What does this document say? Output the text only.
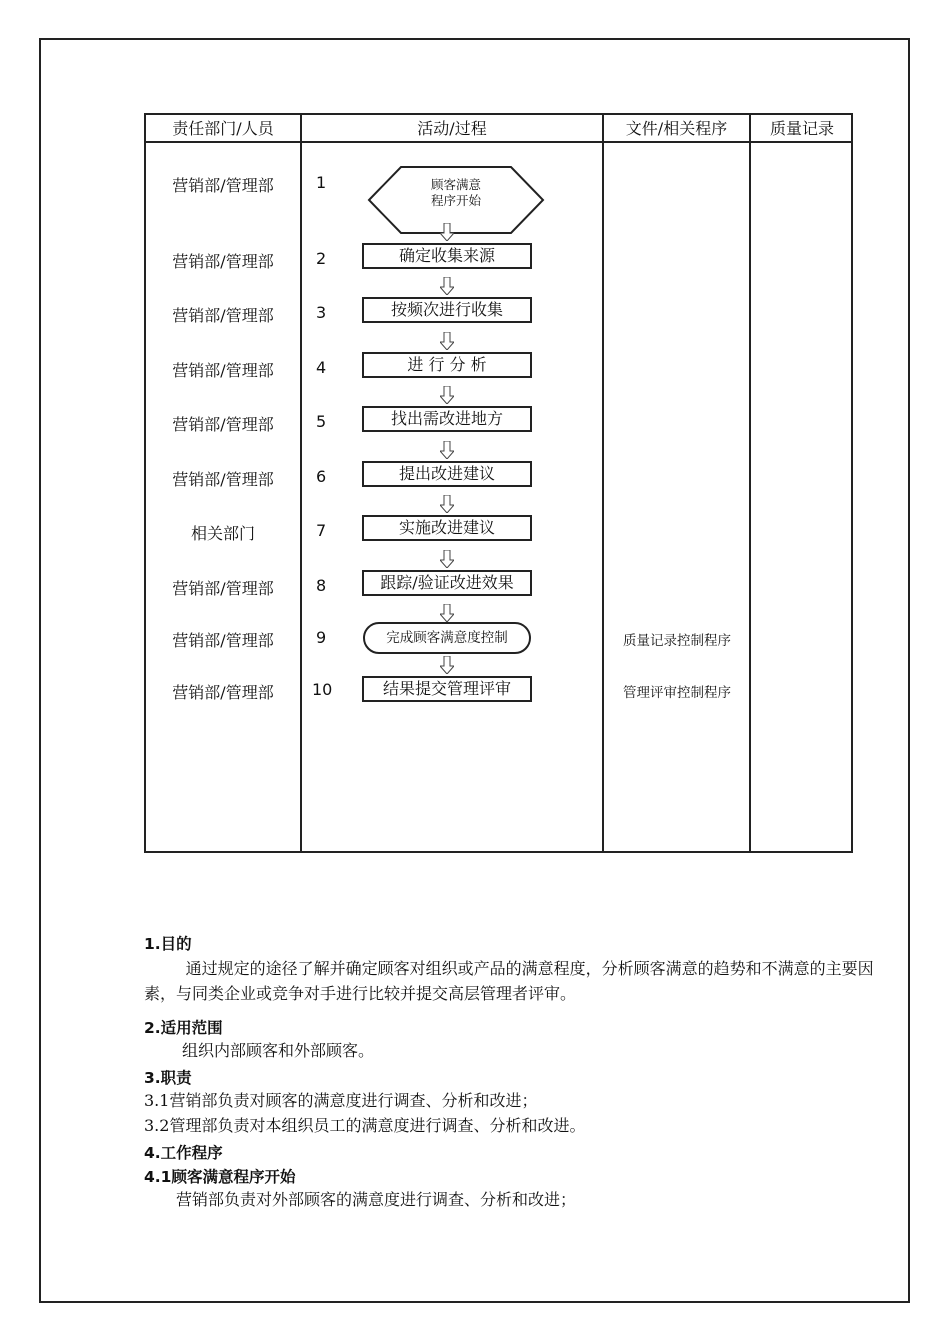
责任部门/人员	活动/过程	文件/相关程序	质量记录
营销部/管理部	1	顾客满意
程序开始
营销部/管理部	2	确定收集来源
营销部/管理部	3	按频次进行收集
营销部/管理部	4	进 行 分 析
营销部/管理部	5	找出需改进地方
营销部/管理部	6	提出改进建议
相关部门	7	实施改进建议
营销部/管理部	8	跟踪/验证改进效果
营销部/管理部	9	完成顾客满意度控制	质量记录控制程序
营销部/管理部	10	结果提交管理评审	管理评审控制程序
1.目的
通过规定的途径了解并确定顾客对组织或产品的满意程度，分析顾客满意的趋势和不满意的主要因素，与同类企业或竞争对手进行比较并提交高层管理者评审。
2.适用范围
组织内部顾客和外部顾客。
3.职责
3.1营销部负责对顾客的满意度进行调查、分析和改进；
3.2管理部负责对本组织员工的满意度进行调查、分析和改进。
4.工作程序
4.1顾客满意程序开始
营销部负责对外部顾客的满意度进行调查、分析和改进；
